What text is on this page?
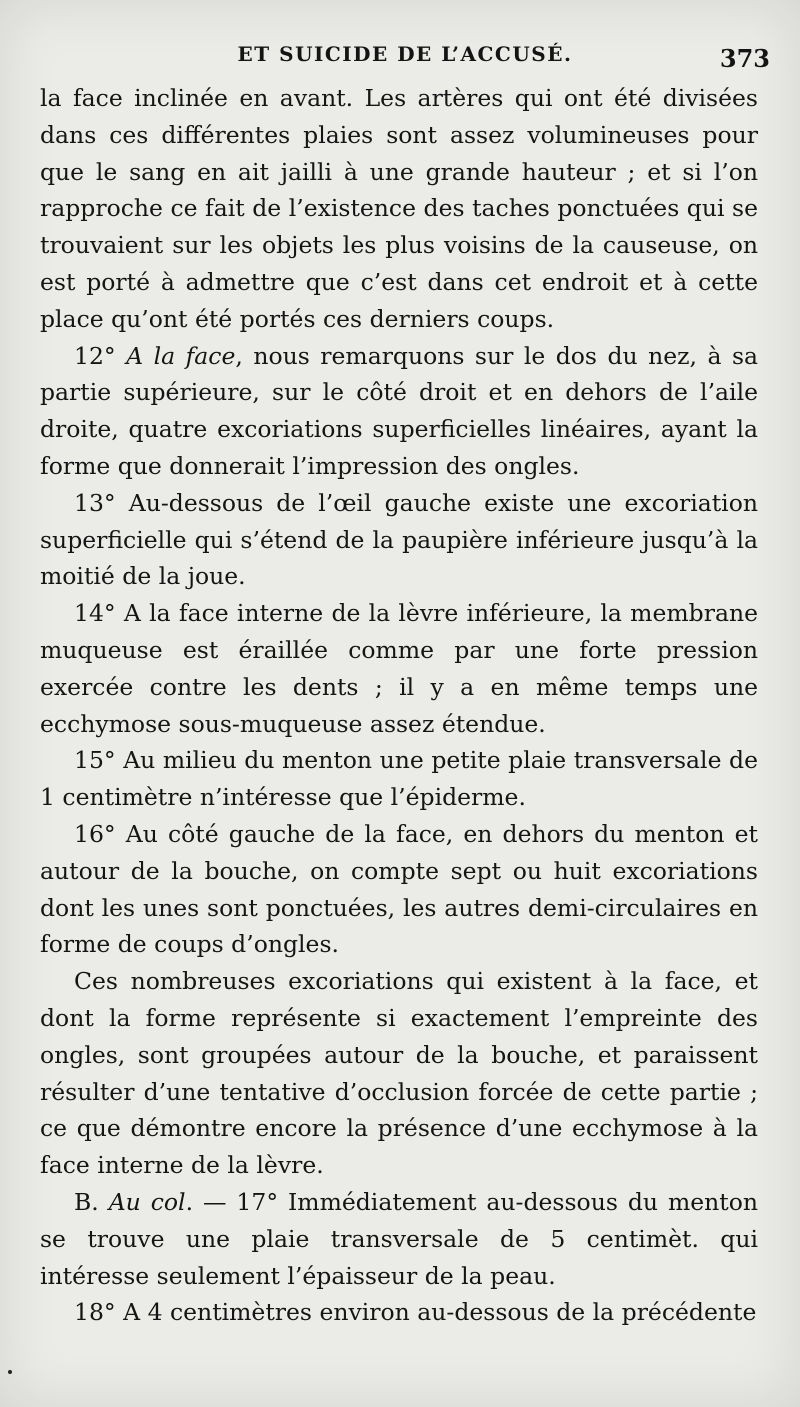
ET SUICIDE DE L’ACCUSÉ.	373

la face inclinée en avant. Les artères qui ont été divisées dans ces différentes plaies sont assez volumineuses pour que le sang en ait jailli à une grande hauteur ; et si l’on rapproche ce fait de l’existence des taches ponctuées qui se trouvaient sur les objets les plus voisins de la causeuse, on est porté à admettre que c’est dans cet endroit et à cette place qu’ont été portés ces derniers coups.

12° A la face, nous remarquons sur le dos du nez, à sa partie supérieure, sur le côté droit et en dehors de l’aile droite, quatre excoriations superficielles linéaires, ayant la forme que donnerait l’impression des ongles.

13° Au-dessous de l’œil gauche existe une excoriation superficielle qui s’étend de la paupière inférieure jusqu’à la moitié de la joue.

14° A la face interne de la lèvre inférieure, la membrane muqueuse est éraillée comme par une forte pression exercée contre les dents ; il y a en même temps une ecchymose sous-muqueuse assez étendue.

15° Au milieu du menton une petite plaie transversale de 1 centimètre n’intéresse que l’épiderme.

16° Au côté gauche de la face, en dehors du menton et autour de la bouche, on compte sept ou huit excoriations dont les unes sont ponctuées, les autres demi-circulaires en forme de coups d’ongles.

Ces nombreuses excoriations qui existent à la face, et dont la forme représente si exactement l’empreinte des ongles, sont groupées autour de la bouche, et paraissent résulter d’une tentative d’occlusion forcée de cette partie ; ce que démontre encore la présence d’une ecchymose à la face interne de la lèvre.

B. Au col. — 17° Immédiatement au-dessous du menton se trouve une plaie transversale de 5 centimèt. qui intéresse seulement l’épaisseur de la peau.

18° A 4 centimètres environ au-dessous de la précédente
